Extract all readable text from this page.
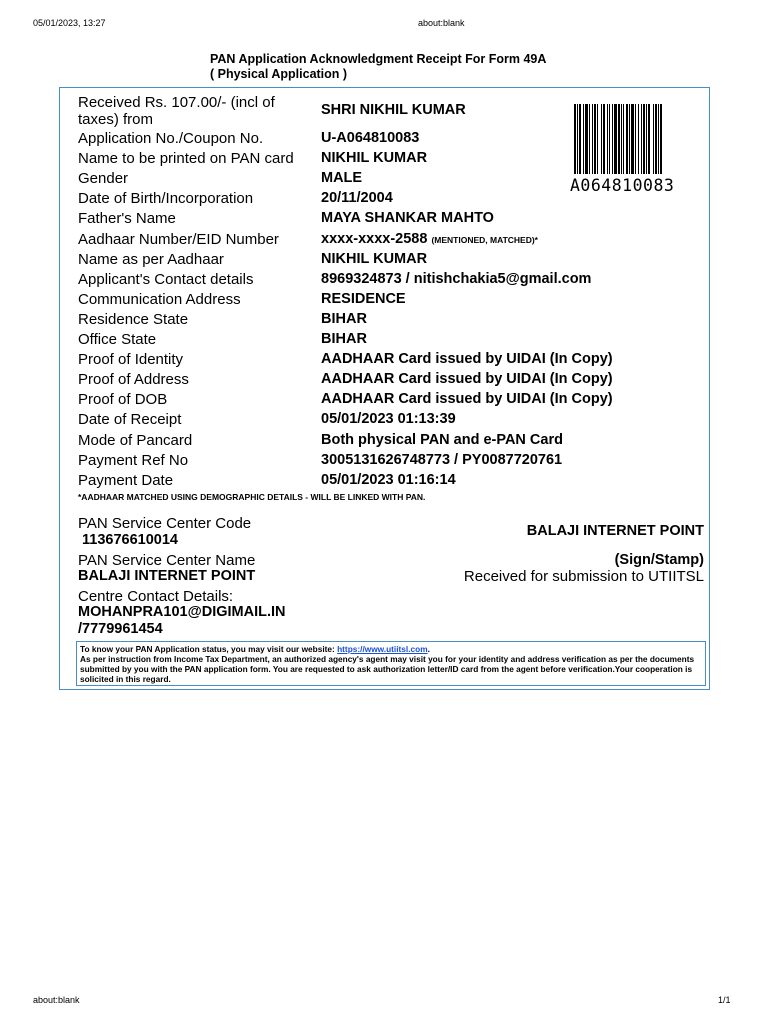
05/01/2023, 13:27	about:blank
PAN Application Acknowledgment Receipt For Form 49A
( Physical Application )
Received Rs. 107.00/- (incl of
taxes) from
SHRI NIKHIL KUMAR
Application No./Coupon No.	U-A064810083
Name to be printed on PAN card NIKHIL KUMAR
Gender	MALE
Date of Birth/Incorporation	20/11/2004
Father's Name	MAYA SHANKAR MAHTO
Aadhaar Number/EID Number	xxxx-xxxx-2588 (MENTIONED, MATCHED)*
Name as per Aadhaar	NIKHIL KUMAR
Applicant's Contact details	8969324873 / nitishchakia5@gmail.com
Communication Address	RESIDENCE
Residence State	BIHAR
Office State	BIHAR
Proof of Identity	AADHAAR Card issued by UIDAI (In Copy)
Proof of Address	AADHAAR Card issued by UIDAI (In Copy)
Proof of DOB	AADHAAR Card issued by UIDAI (In Copy)
Date of Receipt	05/01/2023 01:13:39
Mode of Pancard	Both physical PAN and e-PAN Card
Payment Ref No	3005131626748773 / PY0087720761
Payment Date	05/01/2023 01:16:14
A064810083
*AADHAAR MATCHED USING DEMOGRAPHIC DETAILS - WILL BE LINKED WITH PAN.
PAN Service Center Code
113676610014
PAN Service Center Name
BALAJI INTERNET POINT
Centre Contact Details:
MOHANPRA101@DIGIMAIL.IN
/7779961454
BALAJI INTERNET POINT
(Sign/Stamp)
Received for submission to UTIITSL
To know your PAN Application status, you may visit our website: https://www.utiitsl.com.
As per instruction from Income Tax Department, an authorized agency's agent may visit you for your identity and address verification as per the documents submitted by you with the PAN application form. You are requested to ask authorization letter/ID card from the agent before verification.Your cooperation is solicited in this regard.
about:blank	1/1
